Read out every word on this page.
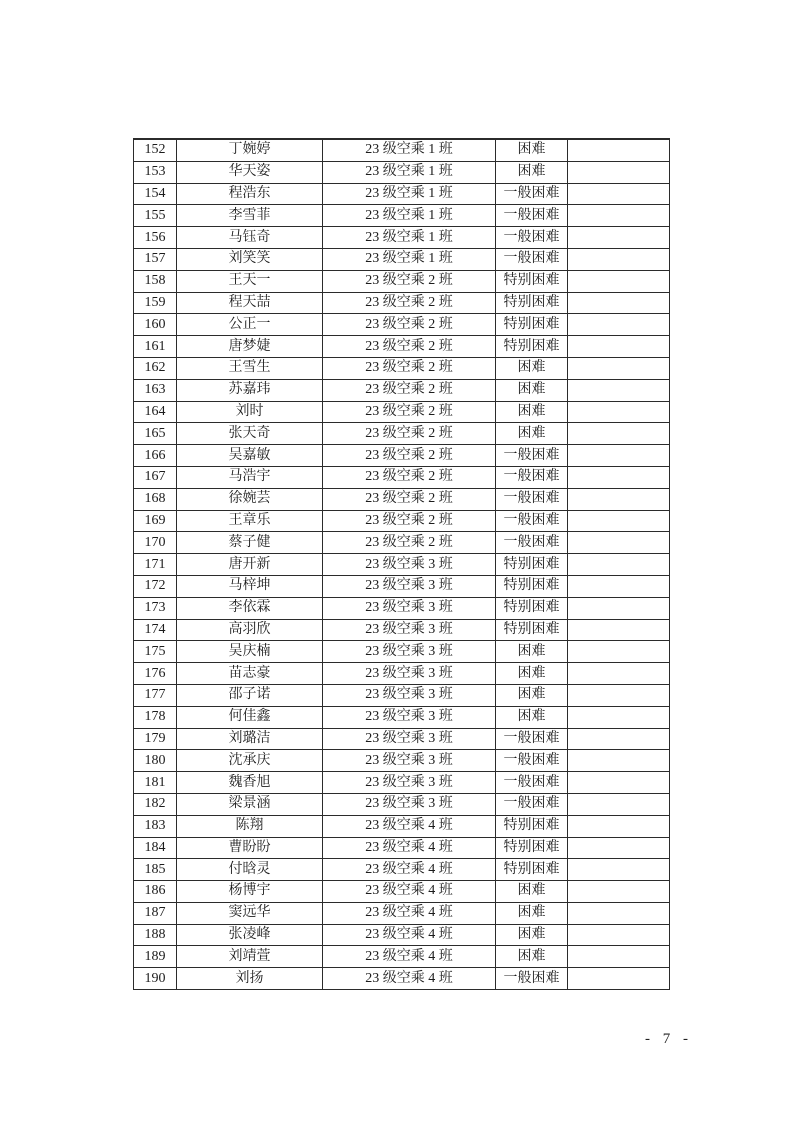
152	丁婉婷	23 级空乘 1 班	困难	
153	华天姿	23 级空乘 1 班	困难	
154	程浩东	23 级空乘 1 班	一般困难	
155	李雪菲	23 级空乘 1 班	一般困难	
156	马钰奇	23 级空乘 1 班	一般困难	
157	刘笑笑	23 级空乘 1 班	一般困难	
158	王天一	23 级空乘 2 班	特别困难	
159	程天喆	23 级空乘 2 班	特别困难	
160	公正一	23 级空乘 2 班	特别困难	
161	唐梦婕	23 级空乘 2 班	特别困难	
162	王雪生	23 级空乘 2 班	困难	
163	苏嘉玮	23 级空乘 2 班	困难	
164	刘时	23 级空乘 2 班	困难	
165	张天奇	23 级空乘 2 班	困难	
166	吴嘉敏	23 级空乘 2 班	一般困难	
167	马浩宇	23 级空乘 2 班	一般困难	
168	徐婉芸	23 级空乘 2 班	一般困难	
169	王章乐	23 级空乘 2 班	一般困难	
170	蔡子健	23 级空乘 2 班	一般困难	
171	唐开新	23 级空乘 3 班	特别困难	
172	马梓坤	23 级空乘 3 班	特别困难	
173	李依霖	23 级空乘 3 班	特别困难	
174	高羽欣	23 级空乘 3 班	特别困难	
175	吴庆楠	23 级空乘 3 班	困难	
176	苗志豪	23 级空乘 3 班	困难	
177	邵子诺	23 级空乘 3 班	困难	
178	何佳鑫	23 级空乘 3 班	困难	
179	刘璐洁	23 级空乘 3 班	一般困难	
180	沈承庆	23 级空乘 3 班	一般困难	
181	魏香旭	23 级空乘 3 班	一般困难	
182	梁景涵	23 级空乘 3 班	一般困难	
183	陈翔	23 级空乘 4 班	特别困难	
184	曹盼盼	23 级空乘 4 班	特别困难	
185	付晗灵	23 级空乘 4 班	特别困难	
186	杨博宇	23 级空乘 4 班	困难	
187	窦远华	23 级空乘 4 班	困难	
188	张凌峰	23 级空乘 4 班	困难	
189	刘靖萱	23 级空乘 4 班	困难	
190	刘扬	23 级空乘 4 班	一般困难	
- 7 -
